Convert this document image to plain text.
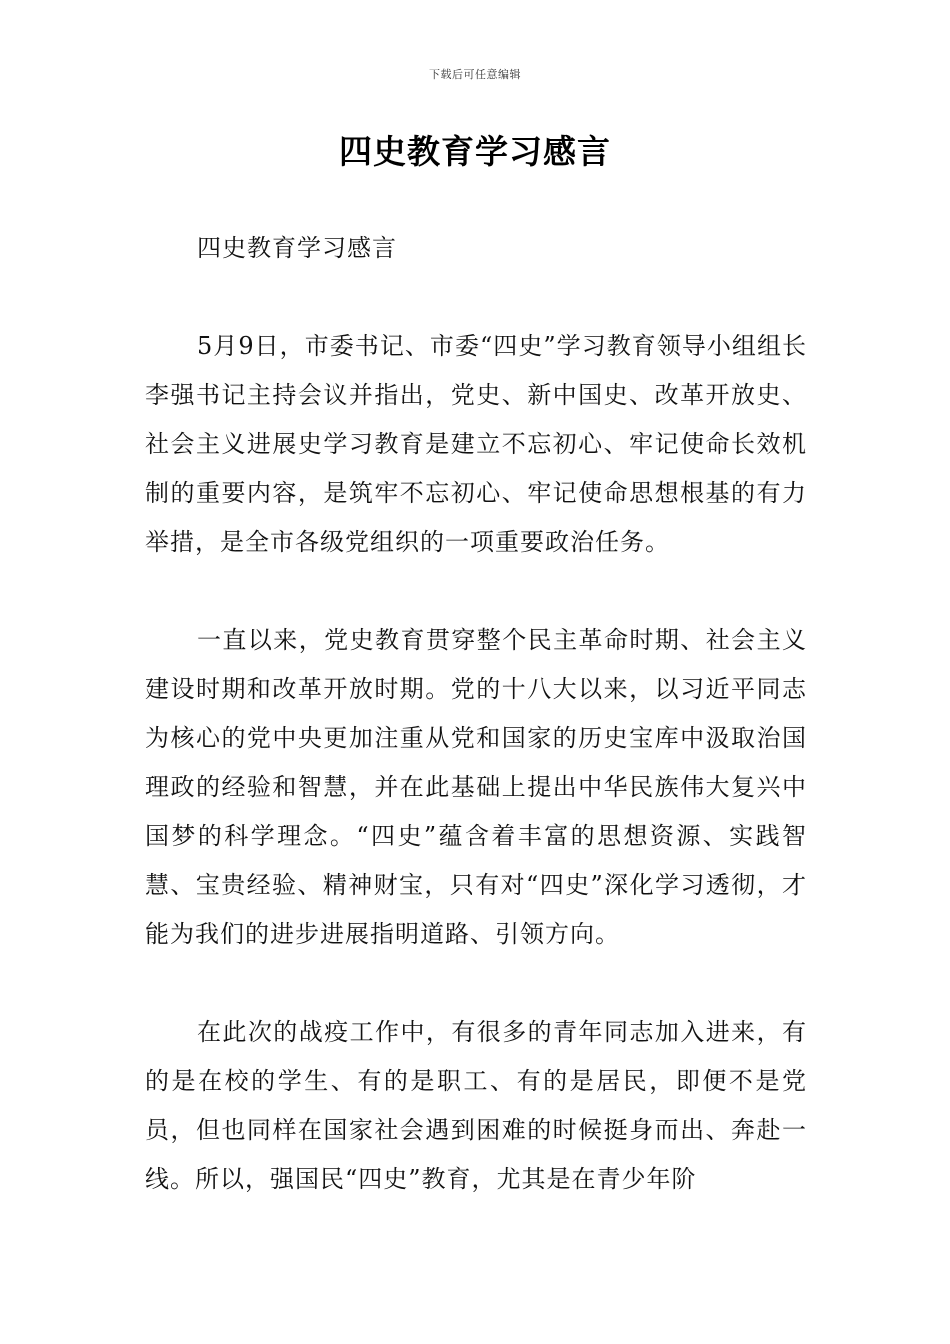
下载后可任意编辑
四史教育学习感言

四史教育学习感言

5月9日，市委书记、市委“四史”学习教育领导小组组长李强书记主持会议并指出，党史、新中国史、改革开放史、社会主义进展史学习教育是建立不忘初心、牢记使命长效机制的重要内容，是筑牢不忘初心、牢记使命思想根基的有力举措，是全市各级党组织的一项重要政治任务。

一直以来，党史教育贯穿整个民主革命时期、社会主义建设时期和改革开放时期。党的十八大以来，以习近平同志为核心的党中央更加注重从党和国家的历史宝库中汲取治国理政的经验和智慧，并在此基础上提出中华民族伟大复兴中国梦的科学理念。“四史”蕴含着丰富的思想资源、实践智慧、宝贵经验、精神财宝，只有对“四史”深化学习透彻，才能为我们的进步进展指明道路、引领方向。

在此次的战疫工作中，有很多的青年同志加入进来，有的是在校的学生、有的是职工、有的是居民，即便不是党员，但也同样在国家社会遇到困难的时候挺身而出、奔赴一线。所以，强国民“四史”教育，尤其是在青少年阶
